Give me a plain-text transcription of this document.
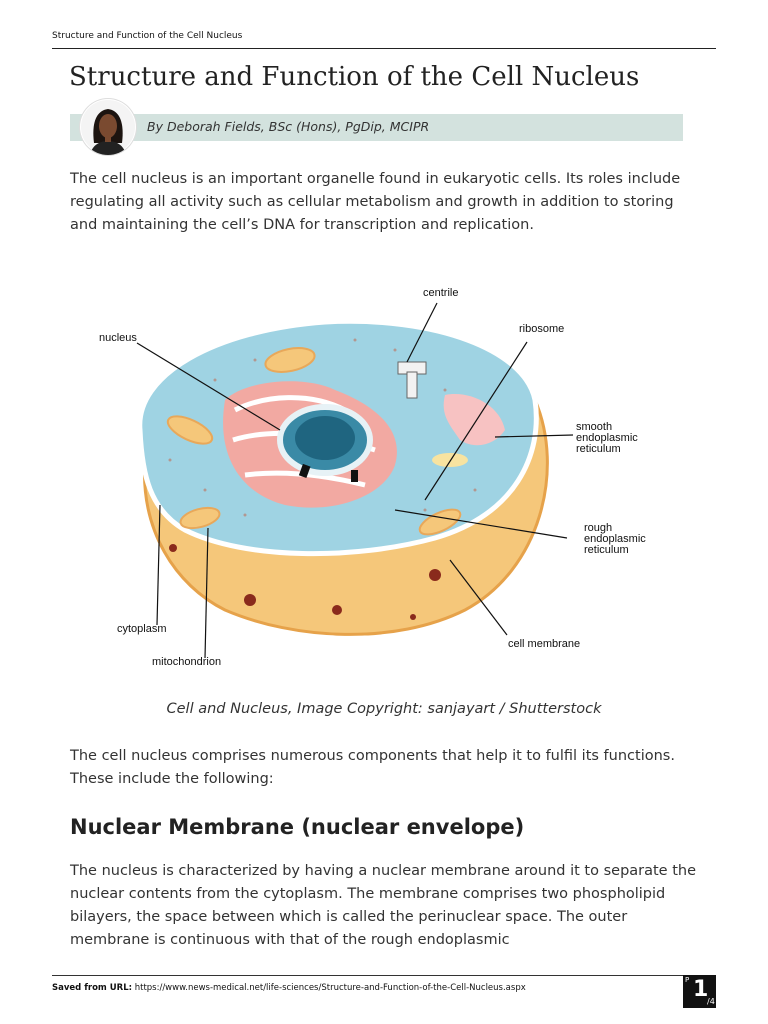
Structure and Function of the Cell Nucleus
Structure and Function of the Cell Nucleus
By Deborah Fields, BSc (Hons), PgDip, MCIPR
The cell nucleus is an important organelle found in eukaryotic cells. Its roles include regulating all activity such as cellular metabolism and growth in addition to storing and maintaining the cell’s DNA for transcription and replication.
centrile
ribosome
nucleus
smooth
endoplasmic
reticulum
rough
endoplasmic
reticulum
cytoplasm
mitochondrion
cell membrane
Cell and Nucleus, Image Copyright: sanjayart / Shutterstock
The cell nucleus comprises numerous components that help it to fulfil its functions. These include the following:
Nuclear Membrane (nuclear envelope)
The nucleus is characterized by having a nuclear membrane around it to separate the nuclear contents from the cytoplasm. The membrane comprises two phospholipid bilayers, the space between which is called the perinuclear space. The outer membrane is continuous with that of the rough endoplasmic
Saved from URL: https://www.news-medical.net/life-sciences/Structure-and-Function-of-the-Cell-Nucleus.aspx
P 1
/4
